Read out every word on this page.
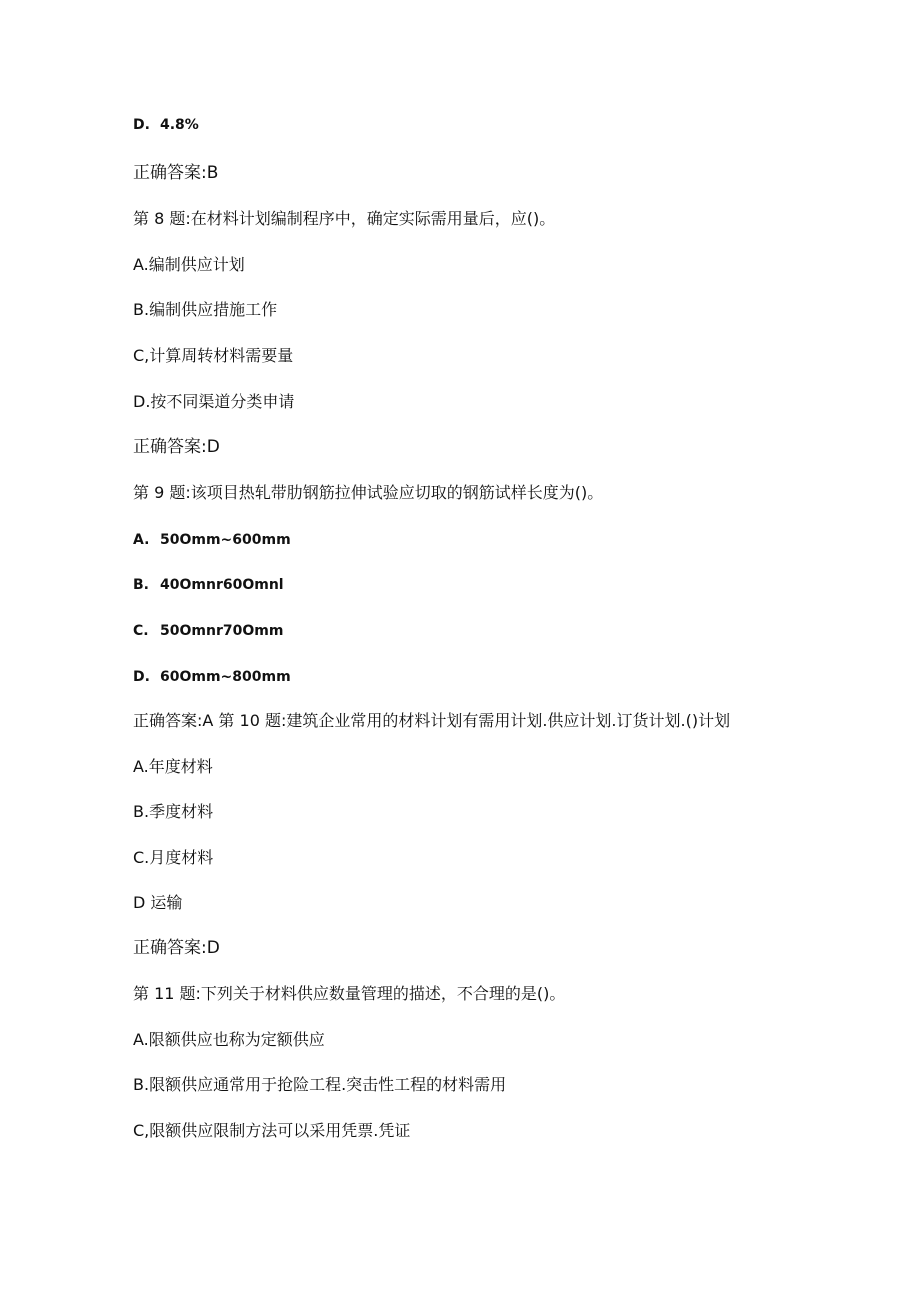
D. 4.8%
正确答案:B
第 8 题:在材料计划编制程序中，确定实际需用量后，应()。
A.编制供应计划
B.编制供应措施工作
C,计算周转材料需要量
D.按不同渠道分类申请
正确答案:D
第 9 题:该项目热轧带肋钢筋拉伸试验应切取的钢筋试样长度为()。
A. 50Omm~600mm
B. 40Omnr60Omnl
C. 50Omnr70Omm
D. 60Omm~800mm
正确答案:A 第 10 题:建筑企业常用的材料计划有需用计划.供应计划.订货计划.()计划
A.年度材料
B.季度材料
C.月度材料
D 运输
正确答案:D
第 11 题:下列关于材料供应数量管理的描述，不合理的是()。
A.限额供应也称为定额供应
B.限额供应通常用于抢险工程.突击性工程的材料需用
C,限额供应限制方法可以采用凭票.凭证
